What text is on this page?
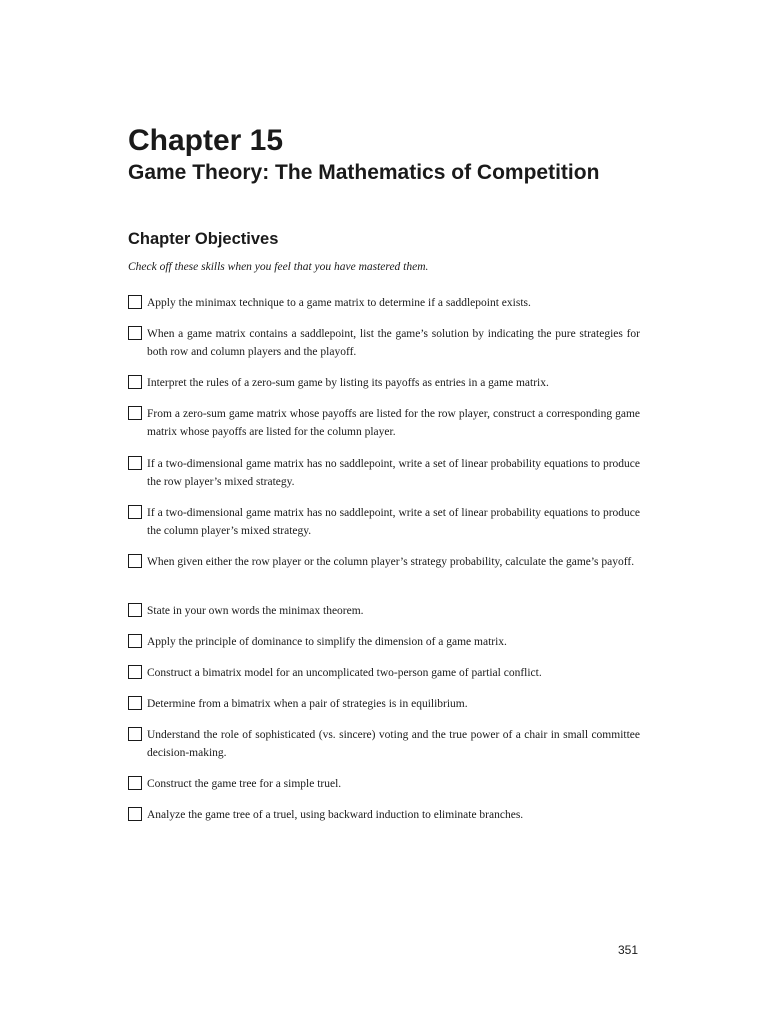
Chapter 15
Game Theory: The Mathematics of Competition
Chapter Objectives

Check off these skills when you feel that you have mastered them.

Apply the minimax technique to a game matrix to determine if a saddlepoint exists.
When a game matrix contains a saddlepoint, list the game’s solution by indicating the pure strategies for both row and column players and the playoff.
Interpret the rules of a zero-sum game by listing its payoffs as entries in a game matrix.
From a zero-sum game matrix whose payoffs are listed for the row player, construct a corresponding game matrix whose payoffs are listed for the column player.
If a two-dimensional game matrix has no saddlepoint, write a set of linear probability equations to produce the row player’s mixed strategy.
If a two-dimensional game matrix has no saddlepoint, write a set of linear probability equations to produce the column player’s mixed strategy.
When given either the row player or the column player’s strategy probability, calculate the game’s payoff.
State in your own words the minimax theorem.
Apply the principle of dominance to simplify the dimension of a game matrix.
Construct a bimatrix model for an uncomplicated two-person game of partial conflict.
Determine from a bimatrix when a pair of strategies is in equilibrium.
Understand the role of sophisticated (vs. sincere) voting and the true power of a chair in small committee decision-making.
Construct the game tree for a simple truel.
Analyze the game tree of a truel, using backward induction to eliminate branches.
351
